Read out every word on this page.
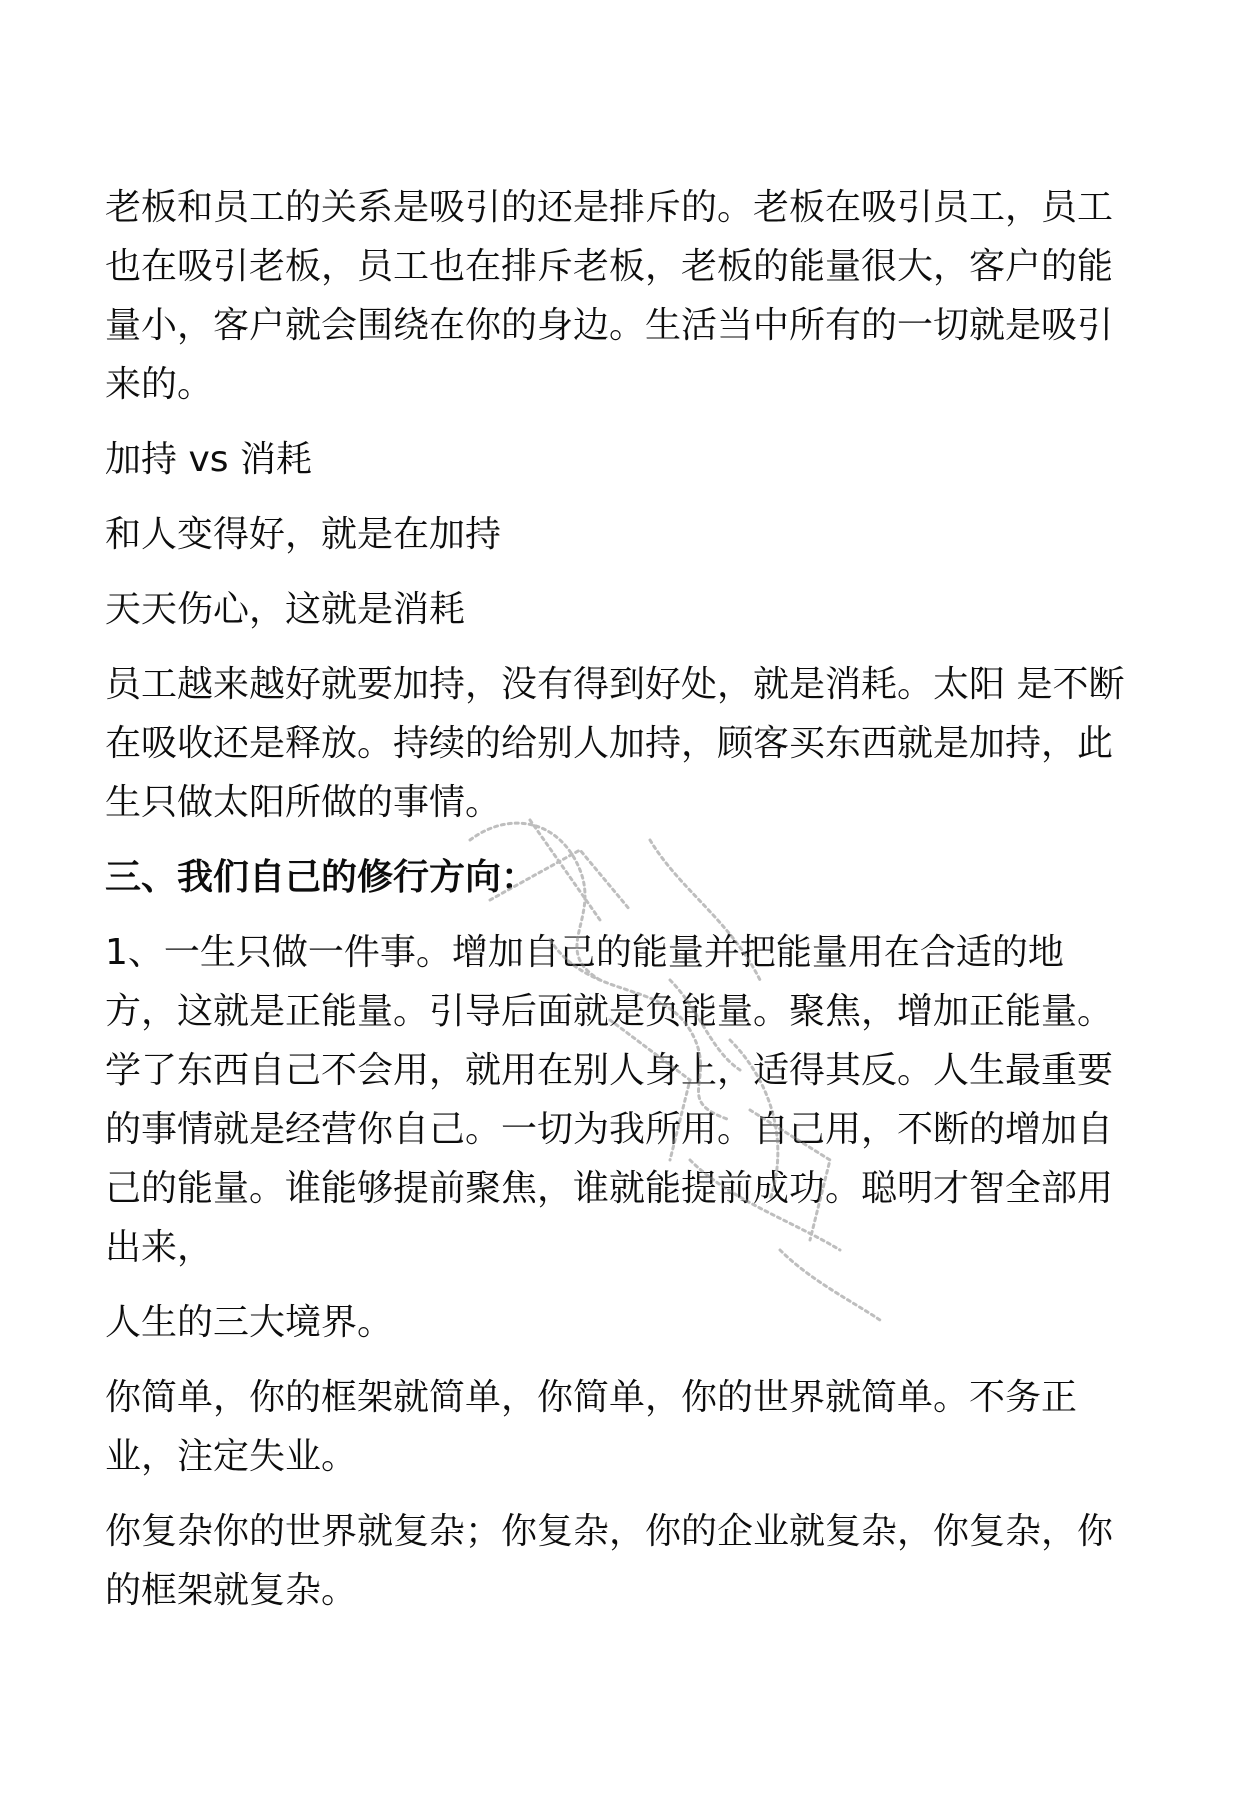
老板和员工的关系是吸引的还是排斥的。老板在吸引员工，员工也在吸引老板，员工也在排斥老板，老板的能量很大，客户的能量小，客户就会围绕在你的身边。生活当中所有的一切就是吸引来的。

加持 vs 消耗

和人变得好，就是在加持

天天伤心，这就是消耗

员工越来越好就要加持，没有得到好处，就是消耗。太阳 是不断在吸收还是释放。持续的给别人加持，顾客买东西就是加持，此生只做太阳所做的事情。

三、我们自己的修行方向：

1、一生只做一件事。增加自己的能量并把能量用在合适的地方，这就是正能量。引导后面就是负能量。聚焦，增加正能量。学了东西自己不会用，就用在别人身上，适得其反。人生最重要的事情就是经营你自己。一切为我所用。自己用，不断的增加自己的能量。谁能够提前聚焦，谁就能提前成功。聪明才智全部用出来，

人生的三大境界。

你简单，你的框架就简单，你简单，你的世界就简单。不务正业，注定失业。

你复杂你的世界就复杂；你复杂，你的企业就复杂，你复杂，你的框架就复杂。
